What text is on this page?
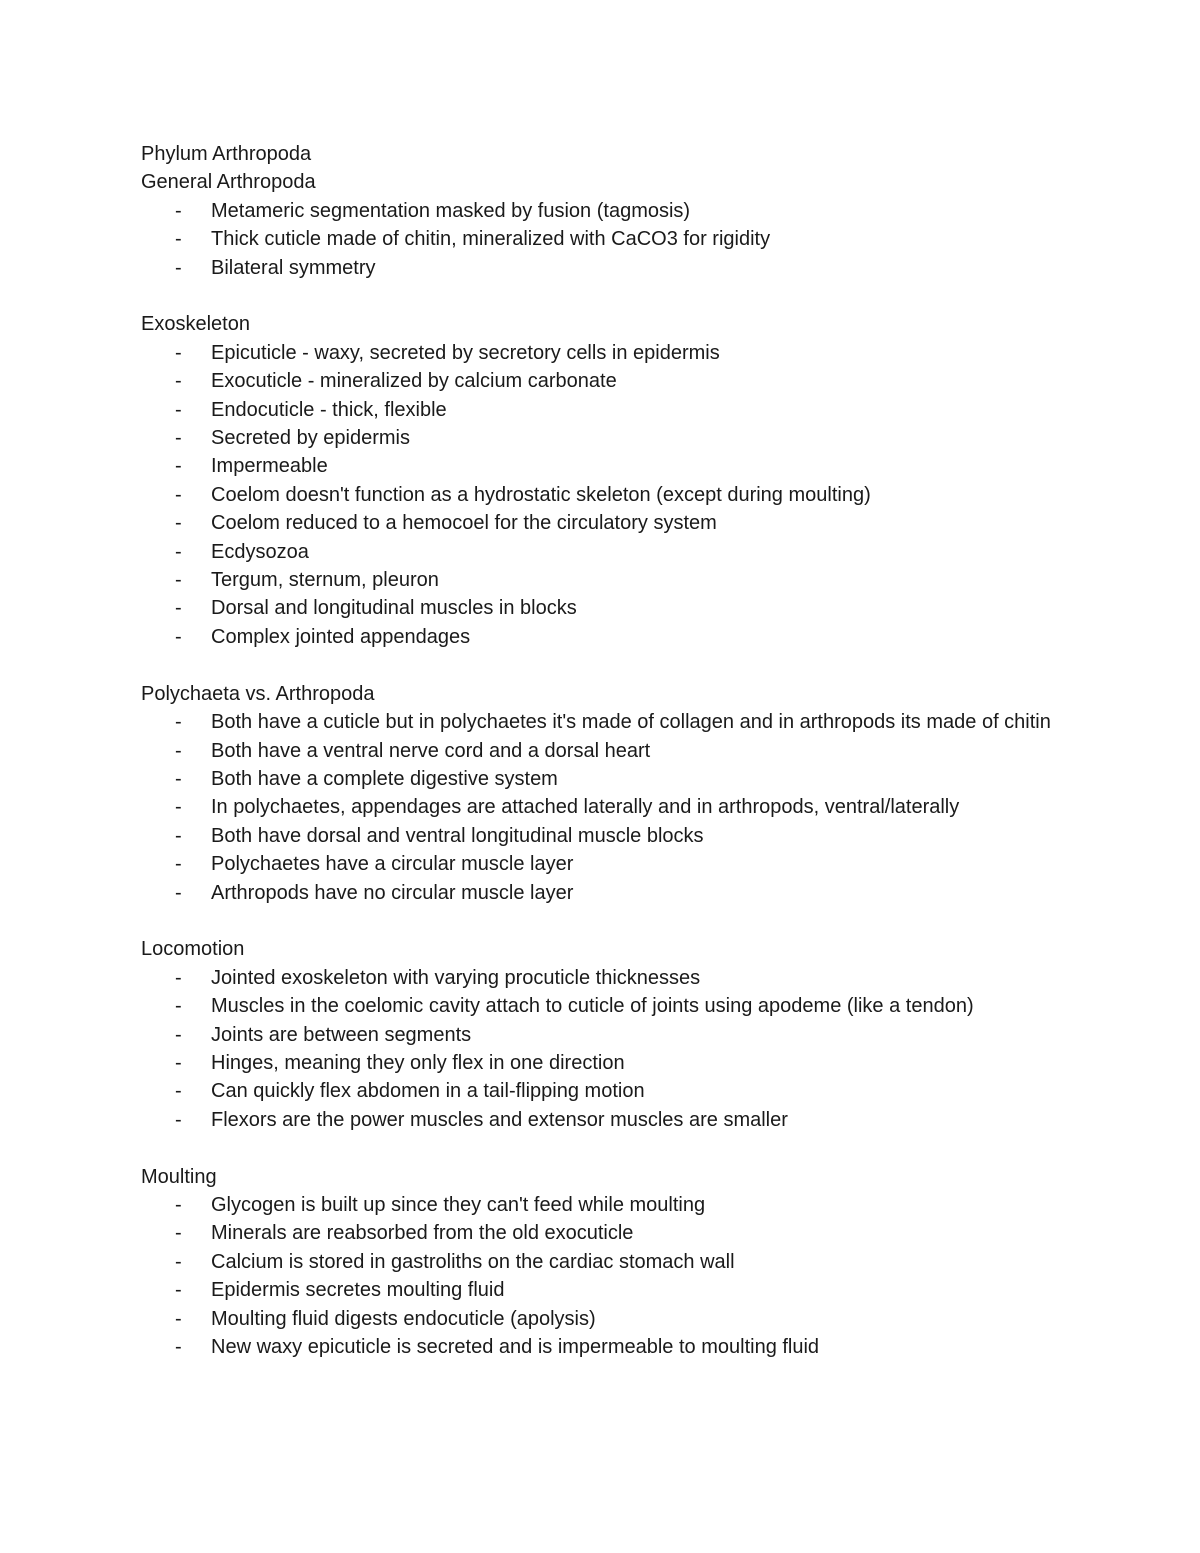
Phylum Arthropoda
General Arthropoda
- Metameric segmentation masked by fusion (tagmosis)
- Thick cuticle made of chitin, mineralized with CaCO3 for rigidity
- Bilateral symmetry
Exoskeleton
- Epicuticle - waxy, secreted by secretory cells in epidermis
- Exocuticle - mineralized by calcium carbonate
- Endocuticle - thick, flexible
- Secreted by epidermis
- Impermeable
- Coelom doesn't function as a hydrostatic skeleton (except during moulting)
- Coelom reduced to a hemocoel for the circulatory system
- Ecdysozoa
- Tergum, sternum, pleuron
- Dorsal and longitudinal muscles in blocks
- Complex jointed appendages
Polychaeta vs. Arthropoda
- Both have a cuticle but in polychaetes it's made of collagen and in arthropods its made of chitin
- Both have a ventral nerve cord and a dorsal heart
- Both have a complete digestive system
- In polychaetes, appendages are attached laterally and in arthropods, ventral/laterally
- Both have dorsal and ventral longitudinal muscle blocks
- Polychaetes have a circular muscle layer
- Arthropods have no circular muscle layer
Locomotion
- Jointed exoskeleton with varying procuticle thicknesses
- Muscles in the coelomic cavity attach to cuticle of joints using apodeme (like a tendon)
- Joints are between segments
- Hinges, meaning they only flex in one direction
- Can quickly flex abdomen in a tail-flipping motion
- Flexors are the power muscles and extensor muscles are smaller
Moulting
- Glycogen is built up since they can't feed while moulting
- Minerals are reabsorbed from the old exocuticle
- Calcium is stored in gastroliths on the cardiac stomach wall
- Epidermis secretes moulting fluid
- Moulting fluid digests endocuticle (apolysis)
- New waxy epicuticle is secreted and is impermeable to moulting fluid
